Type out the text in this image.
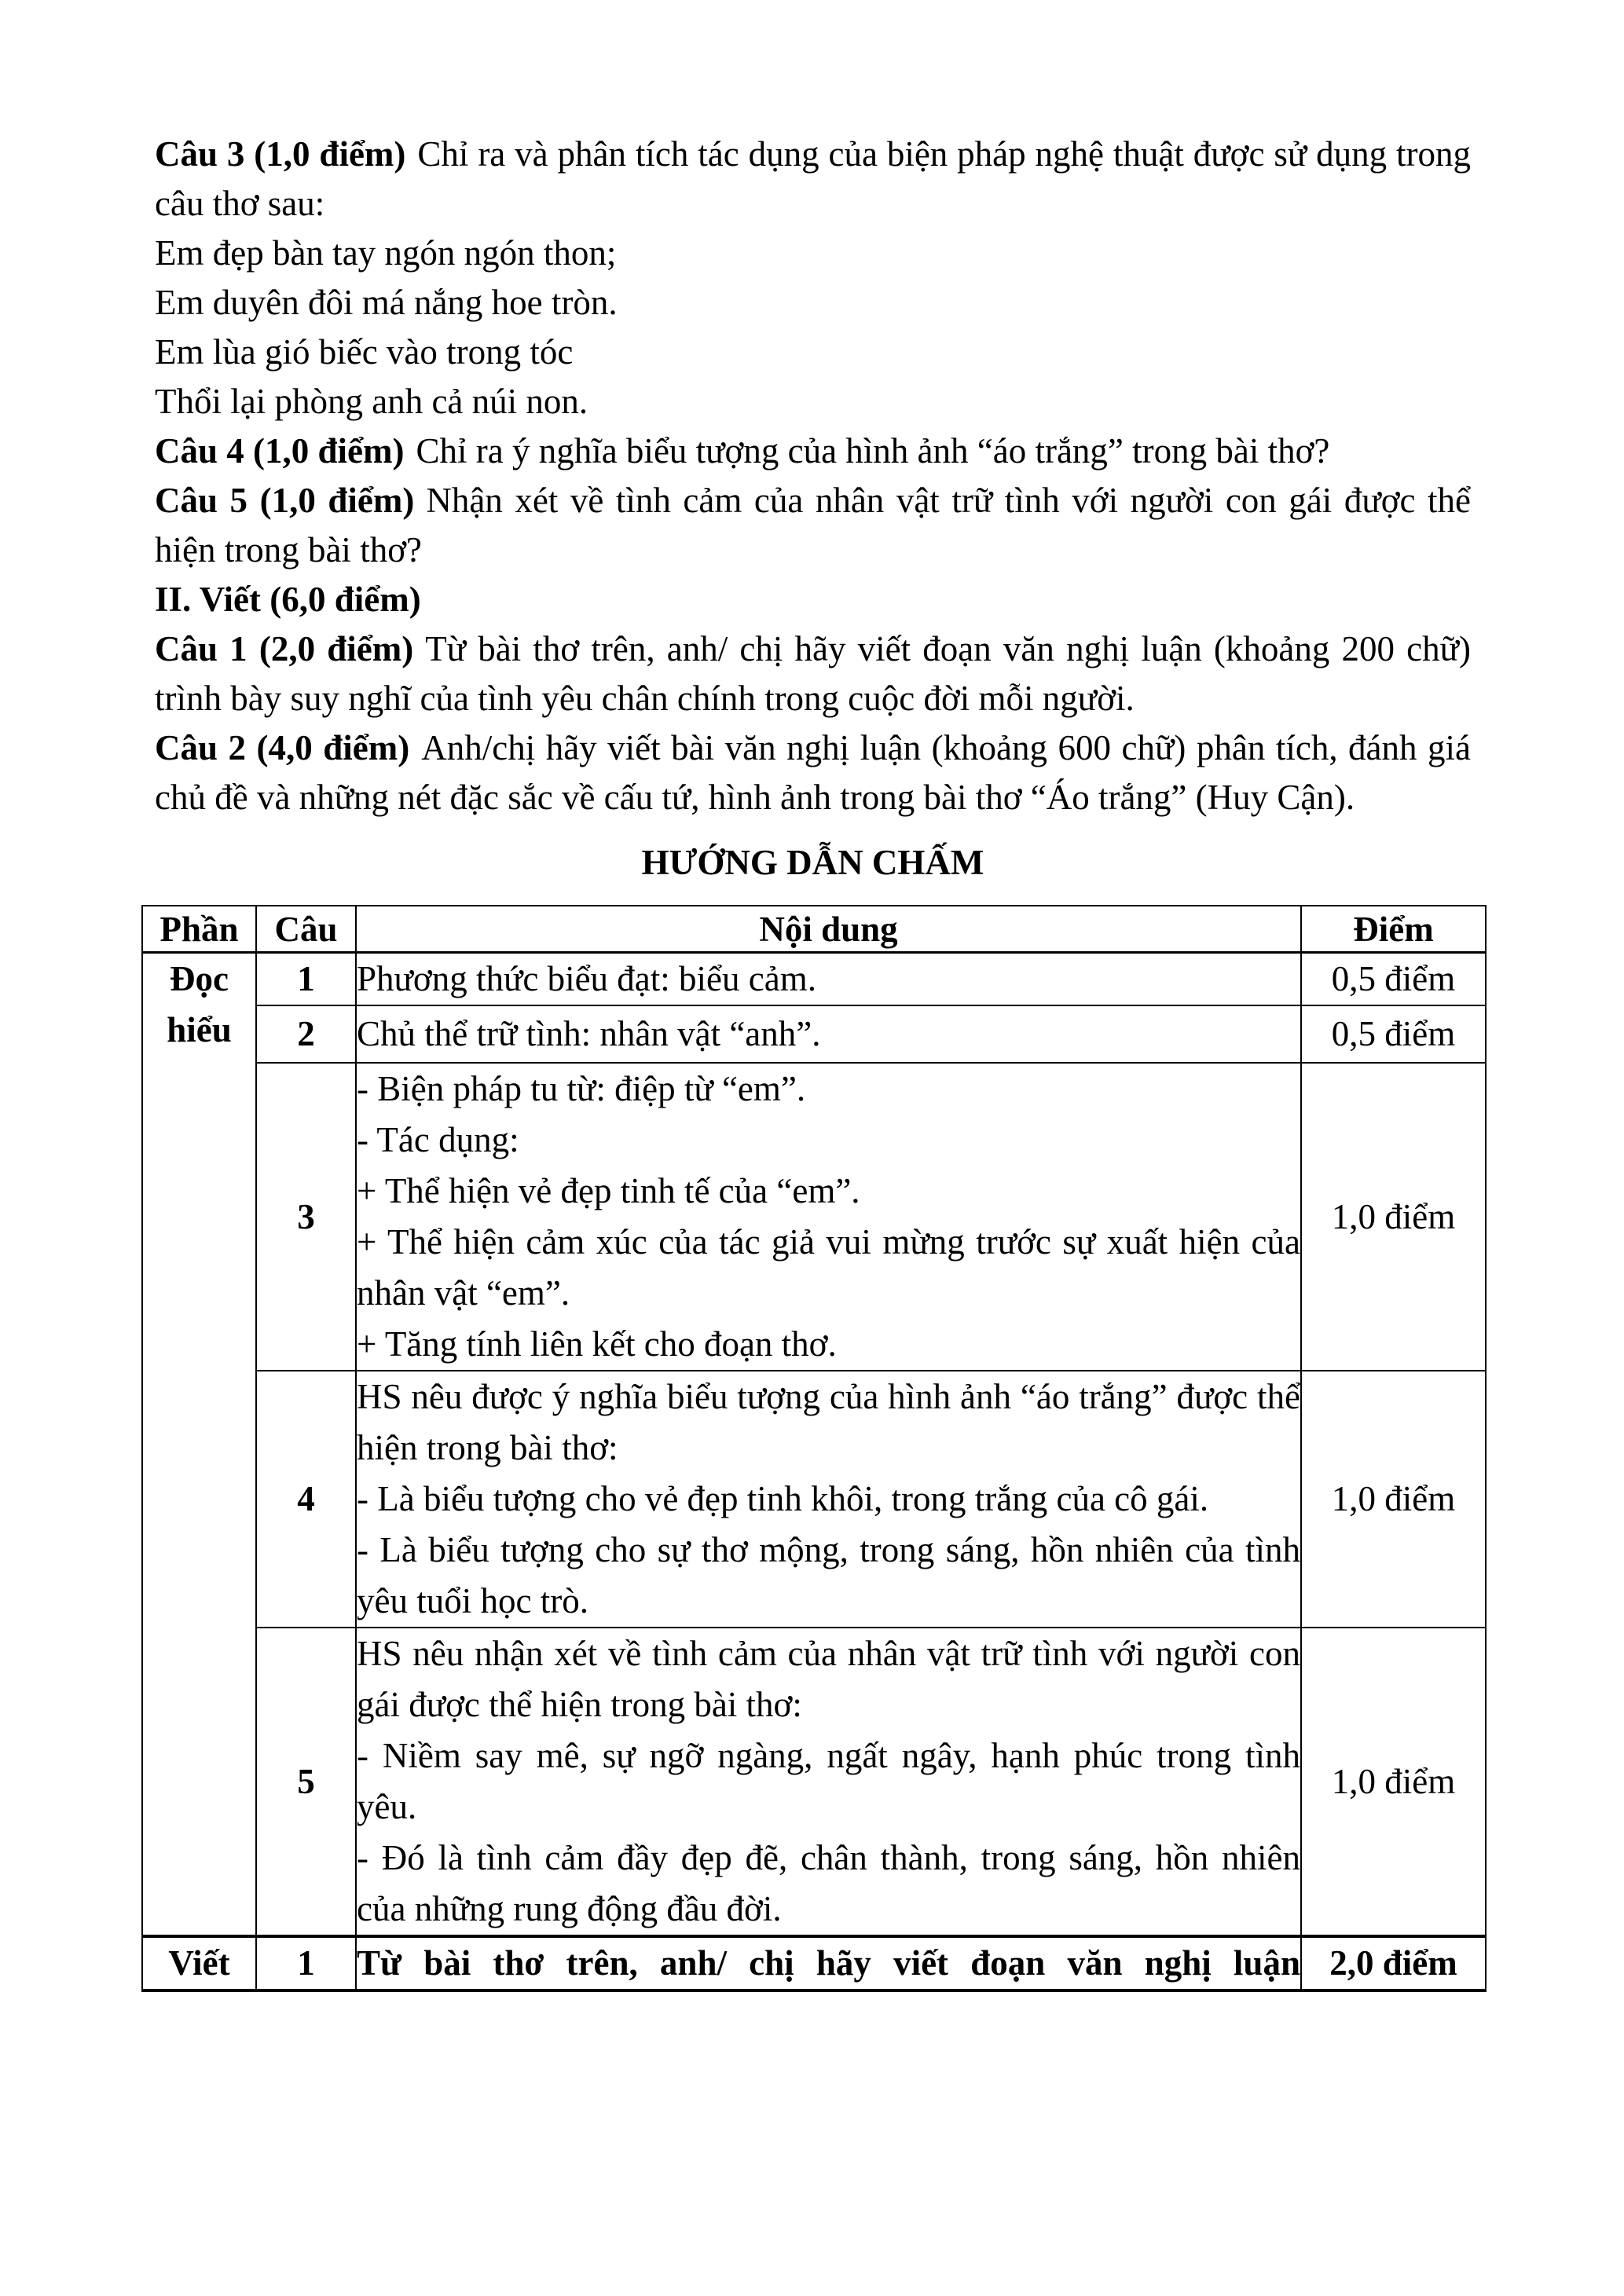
Câu 3 (1,0 điểm) Chỉ ra và phân tích tác dụng của biện pháp nghệ thuật được sử dụng trong câu thơ sau:

Em đẹp bàn tay ngón ngón thon;
Em duyên đôi má nắng hoe tròn.
Em lùa gió biếc vào trong tóc
Thổi lại phòng anh cả núi non.

Câu 4 (1,0 điểm) Chỉ ra ý nghĩa biểu tượng của hình ảnh “áo trắng” trong bài thơ?

Câu 5 (1,0 điểm) Nhận xét về tình cảm của nhân vật trữ tình với người con gái được thể hiện trong bài thơ?

II. Viết (6,0 điểm)

Câu 1 (2,0 điểm) Từ bài thơ trên, anh/ chị hãy viết đoạn văn nghị luận (khoảng 200 chữ) trình bày suy nghĩ của tình yêu chân chính trong cuộc đời mỗi người.

Câu 2 (4,0 điểm) Anh/chị hãy viết bài văn nghị luận (khoảng 600 chữ) phân tích, đánh giá chủ đề và những nét đặc sắc về cấu tứ, hình ảnh trong bài thơ “Áo trắng” (Huy Cận).

HƯỚNG DẪN CHẤM
Phần	Câu	Nội dung	Điểm
Đọc hiểu	1	Phương thức biểu đạt: biểu cảm.	0,5 điểm
	2	Chủ thể trữ tình: nhân vật “anh”.	0,5 điểm
	3	- Biện pháp tu từ: điệp từ “em”.
- Tác dụng:
+ Thể hiện vẻ đẹp tinh tế của “em”.
+ Thể hiện cảm xúc của tác giả vui mừng trước sự xuất hiện của nhân vật “em”.
+ Tăng tính liên kết cho đoạn thơ.	1,0 điểm
	4	HS nêu được ý nghĩa biểu tượng của hình ảnh “áo trắng” được thể hiện trong bài thơ:
- Là biểu tượng cho vẻ đẹp tinh khôi, trong trắng của cô gái.
- Là biểu tượng cho sự thơ mộng, trong sáng, hồn nhiên của tình yêu tuổi học trò.	1,0 điểm
	5	HS nêu nhận xét về tình cảm của nhân vật trữ tình với người con gái được thể hiện trong bài thơ:
- Niềm say mê, sự ngỡ ngàng, ngất ngây, hạnh phúc trong tình yêu.
- Đó là tình cảm đầy đẹp đẽ, chân thành, trong sáng, hồn nhiên của những rung động đầu đời.	1,0 điểm
Viết	1	Từ bài thơ trên, anh/ chị hãy viết đoạn văn nghị luận	2,0 điểm
